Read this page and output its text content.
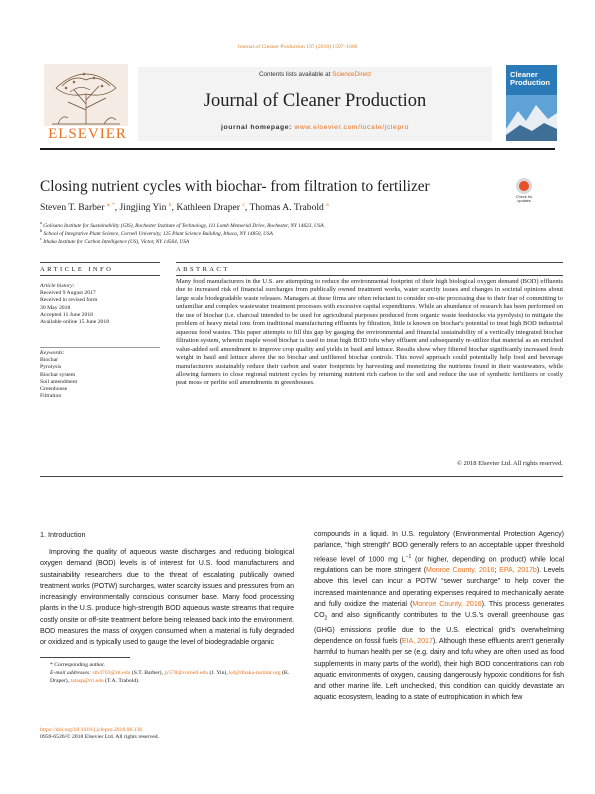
Journal of Cleaner Production 197 (2018) 1597–1606
ELSEVIER
Contents lists available at ScienceDirect
Journal of Cleaner Production
journal homepage: www.elsevier.com/locate/jclepro
Cleaner Production
Closing nutrient cycles with biochar- from filtration to fertilizer
Check for updates
Steven T. Barber $^{a, *}$, Jingjing Yin $^b$, Kathleen Draper $^c$, Thomas A. Trabold $^a$
$^a$ Golisano Institute for Sustainability (GIS), Rochester Institute of Technology, 111 Lomb Memorial Drive, Rochester, NY 14623, USA
$^b$ School of Integrative Plant Science, Cornell University, 125 Plant Science Building, Ithaca, NY 14850, USA
$^c$ Ithaka Institute for Carbon Intelligence (US), Victor, NY 14564, USA
ARTICLE INFO
Article history:
Received 9 August 2017
Received in revised form
30 May 2018
Accepted 11 June 2018
Available online 15 June 2018
Keywords:
Biochar
Pyrolysis
Biochar system
Soil amendment
Greenhouse
Filtration
ABSTRACT
Many food manufacturers in the U.S. are attempting to reduce the environmental footprint of their high biological oxygen demand (BOD) effluents due to increased risk of financial surcharges from publically owned treatment works, water scarcity issues and changes in societal opinions about large scale biodegradable waste releases. Managers at these firms are often reluctant to consider on-site processing due to their fear of committing to unfamiliar and complex wastewater treatment processes with excessive capital expenditures. While an abundance of research has been performed on the use of biochar (i.e. charcoal intended to be used for agricultural purposes produced from organic waste feedstocks via pyrolysis) to mitigate the problem of heavy metal ions from traditional manufacturing effluents by filtration, little is known on biochar's potential to treat high BOD industrial aqueous food wastes. This paper attempts to fill this gap by gauging the environmental and financial sustainability of a vertically integrated biochar filtration system, wherein maple wood biochar is used to treat high BOD tofu whey effluent and subsequently re-utilize that material as an enriched value-added soil amendment to improve crop quality and yields in basil and lettuce. Results show whey filtered biochar significantly increased fresh weight in basil and lettuce above the no biochar and unfiltered biochar controls. This novel approach could potentially help food and beverage manufacturers sustainably reduce their carbon and water footprints by harvesting and monetizing the nutrients found in their wastewaters, while allowing farmers to close regional nutrient cycles by returning nutrient rich carbon to the soil and reduce the use of synthetic fertilizers or costly peat moss or perlite soil amendments in greenhouses.
© 2018 Elsevier Ltd. All rights reserved.
1. Introduction
Improving the quality of aqueous waste discharges and reducing biological oxygen demand (BOD) levels is of interest for U.S. food manufacturers and sustainability researchers due to the threat of escalating publically owned treatment works (POTW) surcharges, water scarcity issues and pressures from an increasingly environmentally conscious consumer base. Many food processing plants in the U.S. produce high-strength BOD aqueous waste streams that require costly onsite or off-site treatment before being released back into the environment. BOD measures the mass of oxygen consumed when a material is fully degraded or oxidized and is typically used to gauge the level of biodegradable organic
compounds in a liquid. In U.S. regulatory (Environmental Protection Agency) parlance, “high strength” BOD generally refers to an acceptable upper threshold release level of 1000 mg $L^{-1}$ (or higher, depending on product) while local regulations can be more stringent (Monroe County, 2016; EPA, 2017b). Levels above this level can incur a POTW “sewer surcharge” to help cover the increased maintenance and operating expenses required to mechanically aerate and fully oxidize the material (Monroe County, 2016). This process generates $CO_2$ and also significantly contributes to the U.S.'s overall greenhouse gas (GHG) emissions profile due to the U.S. electrical grid's overwhelming dependence on fossil fuels (EIA, 2017). Although these effluents aren't generally harmful to human health per se (e.g. dairy and tofu whey are often used as food supplements in many parts of the world), their high BOD concentrations can rob aquatic environments of oxygen, causing dangerously hypoxic conditions for fish and other marine life. Left unchecked, this condition can quickly devastate an aquatic ecosystem, leading to a state of eutrophication in which few
* Corresponding author.
E-mail addresses: stb4703@rit.edu (S.T. Barber), jy578@cornell.edu (J. Yin), kd@ithaka-institut.org (K. Draper), tatasp@rit.edu (T.A. Trabold).
https://doi.org/10.1016/j.jclepro.2018.06.136
0959-6526/© 2018 Elsevier Ltd. All rights reserved.
